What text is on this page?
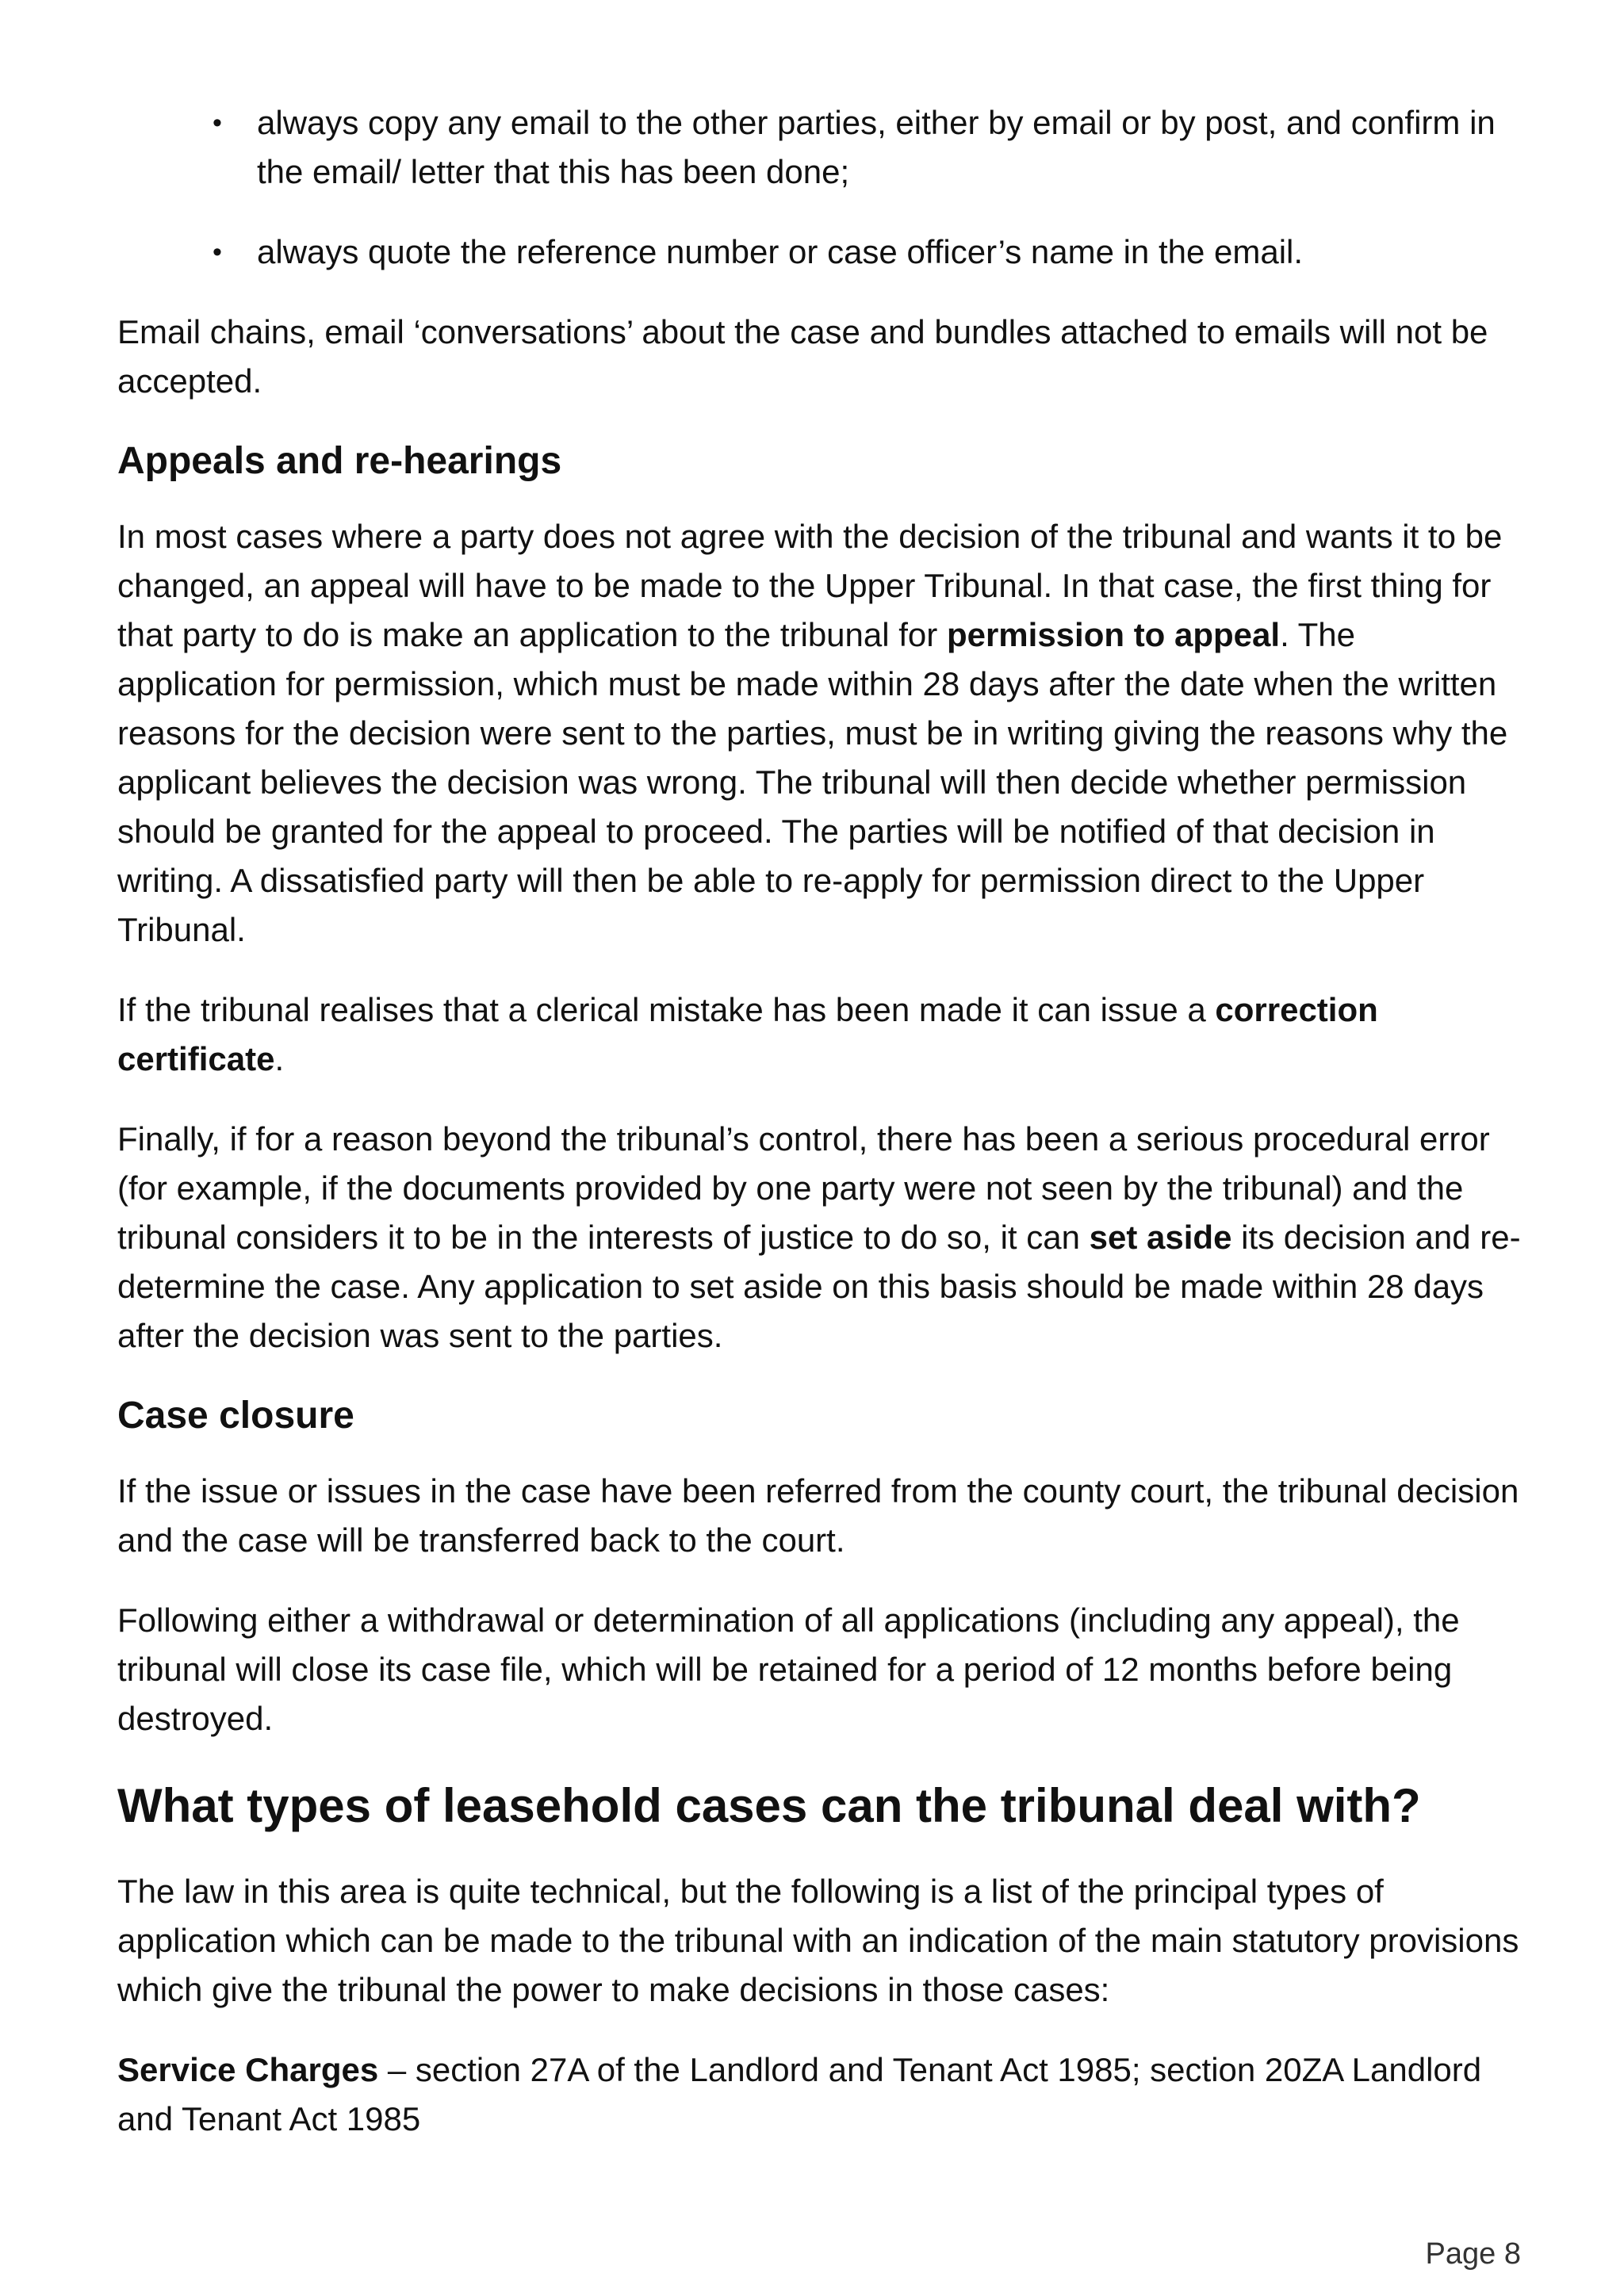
• always copy any email to the other parties, either by email or by post, and confirm in the email/ letter that this has been done;
• always quote the reference number or case officer’s name in the email.

Email chains, email ‘conversations’ about the case and bundles attached to emails will not be accepted.

Appeals and re-hearings

In most cases where a party does not agree with the decision of the tribunal and wants it to be changed, an appeal will have to be made to the Upper Tribunal. In that case, the first thing for that party to do is make an application to the tribunal for permission to appeal. The application for permission, which must be made within 28 days after the date when the written reasons for the decision were sent to the parties, must be in writing giving the reasons why the applicant believes the decision was wrong. The tribunal will then decide whether permission should be granted for the appeal to proceed. The parties will be notified of that decision in writing. A dissatisfied party will then be able to re-apply for permission direct to the Upper Tribunal.

If the tribunal realises that a clerical mistake has been made it can issue a correction certificate.

Finally, if for a reason beyond the tribunal’s control, there has been a serious procedural error (for example, if the documents provided by one party were not seen by the tribunal) and the tribunal considers it to be in the interests of justice to do so, it can set aside its decision and re-determine the case. Any application to set aside on this basis should be made within 28 days after the decision was sent to the parties.

Case closure

If the issue or issues in the case have been referred from the county court, the tribunal decision and the case will be transferred back to the court.

Following either a withdrawal or determination of all applications (including any appeal), the tribunal will close its case file, which will be retained for a period of 12 months before being destroyed.

What types of leasehold cases can the tribunal deal with?

The law in this area is quite technical, but the following is a list of the principal types of application which can be made to the tribunal with an indication of the main statutory provisions which give the tribunal the power to make decisions in those cases:

Service Charges – section 27A of the Landlord and Tenant Act 1985; section 20ZA Landlord and Tenant Act 1985

Page 8
